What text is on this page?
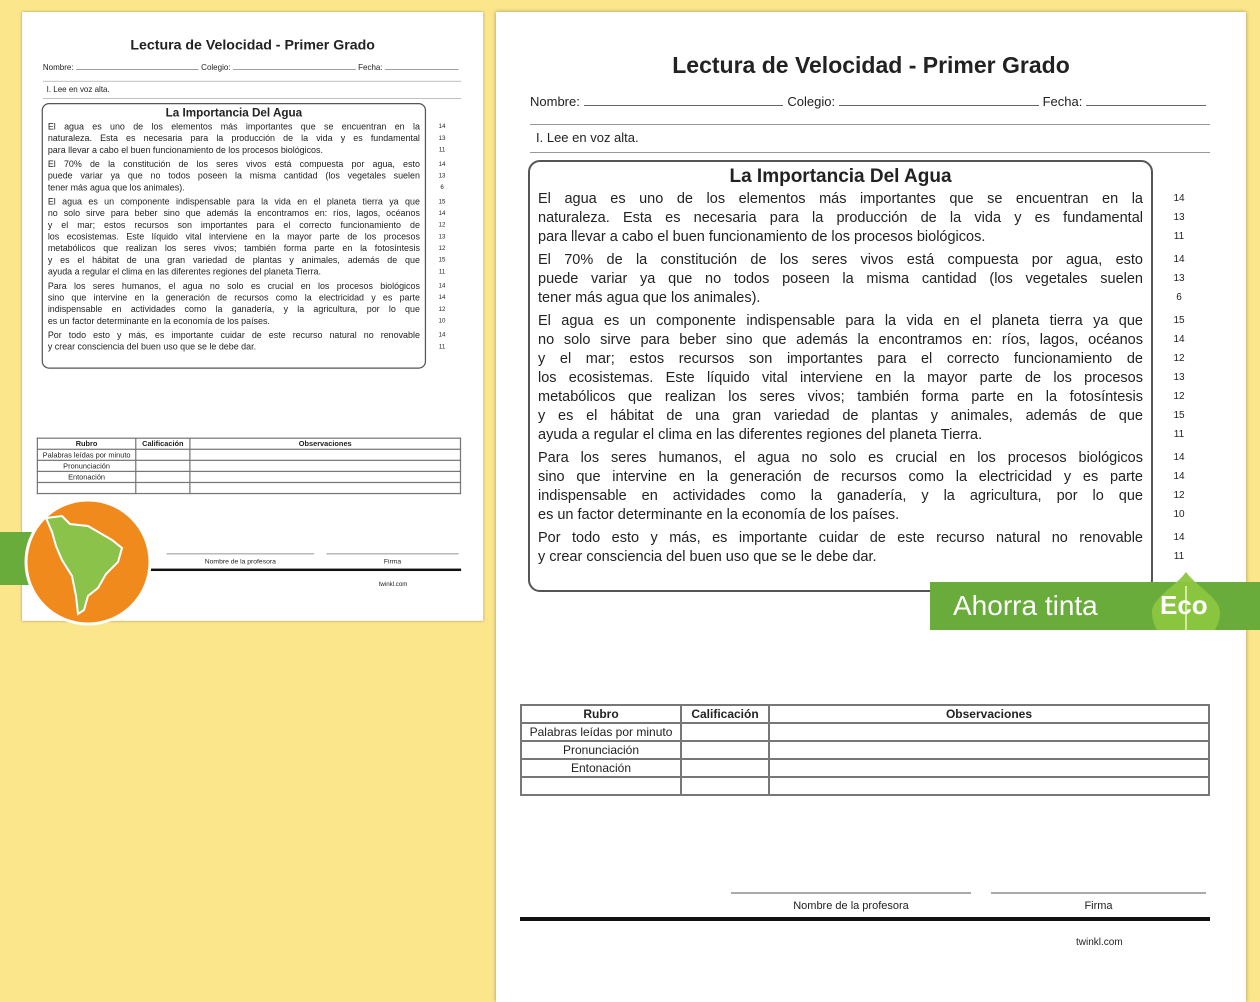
Lectura de Velocidad - Primer Grado
Nombre:	Colegio:	Fecha:
I. Lee en voz alta.
La Importancia Del Agua
El agua es uno de los elementos más importantes que se encuentran en la
naturaleza. Esta es necesaria para la producción de la vida y es fundamental
para llevar a cabo el buen funcionamiento de los procesos biológicos.
El 70% de la constitución de los seres vivos está compuesta por agua, esto
puede variar ya que no todos poseen la misma cantidad (los vegetales suelen
tener más agua que los animales).
El agua es un componente indispensable para la vida en el planeta tierra ya que
no solo sirve para beber sino que además la encontramos en: ríos, lagos, océanos
y el mar; estos recursos son importantes para el correcto funcionamiento de
los ecosistemas. Este líquido vital interviene en la mayor parte de los procesos
metabólicos que realizan los seres vivos; también forma parte en la fotosíntesis
y es el hábitat de una gran variedad de plantas y animales, además de que
ayuda a regular el clima en las diferentes regiones del planeta Tierra.
Para los seres humanos, el agua no solo es crucial en los procesos biológicos
sino que intervine en la generación de recursos como la electricidad y es parte
indispensable en actividades como la ganadería, y la agricultura, por lo que
es un factor determinante en la economía de los países.
Por todo esto y más, es importante cuidar de este recurso natural no renovable
y crear consciencia del buen uso que se le debe dar.
Rubro	Calificación	Observaciones
Palabras leídas por minuto		
Pronunciación		
Entonación		

Nombre de la profesora	Firma
twinkl.com
14
13
11
14
13
6
15
14
12
13
12
15
11
14
14
12
10
14
11
Lectura de Velocidad - Primer Grado
Nombre:	Colegio:	Fecha:
I. Lee en voz alta.
La Importancia Del Agua
El agua es uno de los elementos más importantes que se encuentran en la
naturaleza. Esta es necesaria para la producción de la vida y es fundamental
para llevar a cabo el buen funcionamiento de los procesos biológicos.
El 70% de la constitución de los seres vivos está compuesta por agua, esto
puede variar ya que no todos poseen la misma cantidad (los vegetales suelen
tener más agua que los animales).
El agua es un componente indispensable para la vida en el planeta tierra ya que
no solo sirve para beber sino que además la encontramos en: ríos, lagos, océanos
y el mar; estos recursos son importantes para el correcto funcionamiento de
los ecosistemas. Este líquido vital interviene en la mayor parte de los procesos
metabólicos que realizan los seres vivos; también forma parte en la fotosíntesis
y es el hábitat de una gran variedad de plantas y animales, además de que
ayuda a regular el clima en las diferentes regiones del planeta Tierra.
Para los seres humanos, el agua no solo es crucial en los procesos biológicos
sino que intervine en la generación de recursos como la electricidad y es parte
indispensable en actividades como la ganadería, y la agricultura, por lo que
es un factor determinante en la economía de los países.
Por todo esto y más, es importante cuidar de este recurso natural no renovable
y crear consciencia del buen uso que se le debe dar.
Rubro	Calificación	Observaciones
Palabras leídas por minuto		
Pronunciación		
Entonación		

Nombre de la profesora	Firma
twinkl.com
14
13
11
14
13
6
15
14
12
13
12
15
11
14
14
12
10
14
11
Ahorra tinta Eco
